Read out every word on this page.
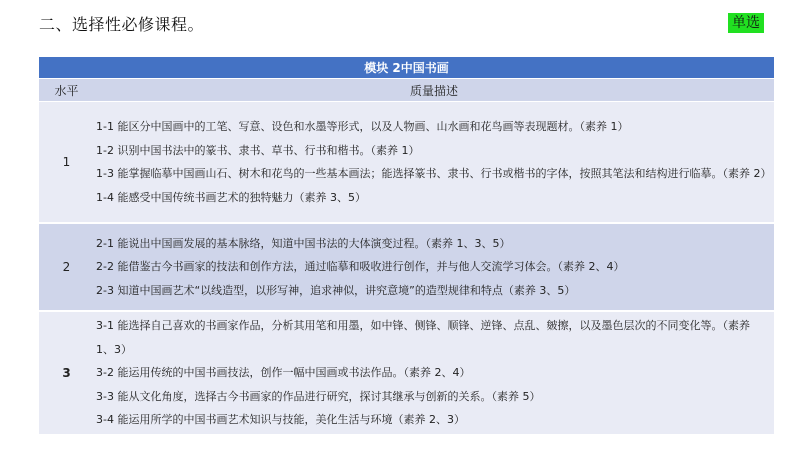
二、选择性必修课程。	单选
模块 2中国书画	
水平	质量描述
1	1-1 能区分中国画中的工笔、写意、设色和水墨等形式，以及人物画、山水画和花鸟画等表现题材。（素养 1）
1-2 识别中国书法中的篆书、隶书、草书、行书和楷书。（素养 1）
1-3 能掌握临摹中国画山石、树木和花鸟的一些基本画法；能选择篆书、隶书、行书或楷书的字体，按照其笔法和结构进行临摹。（素养 2）
1-4 能感受中国传统书画艺术的独特魅力（素养 3、5）

2	2-1 能说出中国画发展的基本脉络，知道中国书法的大体演变过程。（素养 1、3、5）
2-2 能借鉴古今书画家的技法和创作方法，通过临摹和吸收进行创作，并与他人交流学习体会。（素养 2、4）
2-3 知道中国画艺术“以线造型，以形写神，追求神似，讲究意境”的造型规律和特点（素养 3、5）

3	3-1 能选择自己喜欢的书画家作品，分析其用笔和用墨，如中锋、侧锋、顺锋、逆锋、点乱、皴擦，以及墨色层次的不同变化等。（素养 1、3）
3-2 能运用传统的中国书画技法，创作一幅中国画或书法作品。（素养 2、4）
3-3 能从文化角度，选择古今书画家的作品进行研究，探讨其继承与创新的关系。（素养 5）
3-4 能运用所学的中国书画艺术知识与技能，美化生活与环境（素养 2、3）
